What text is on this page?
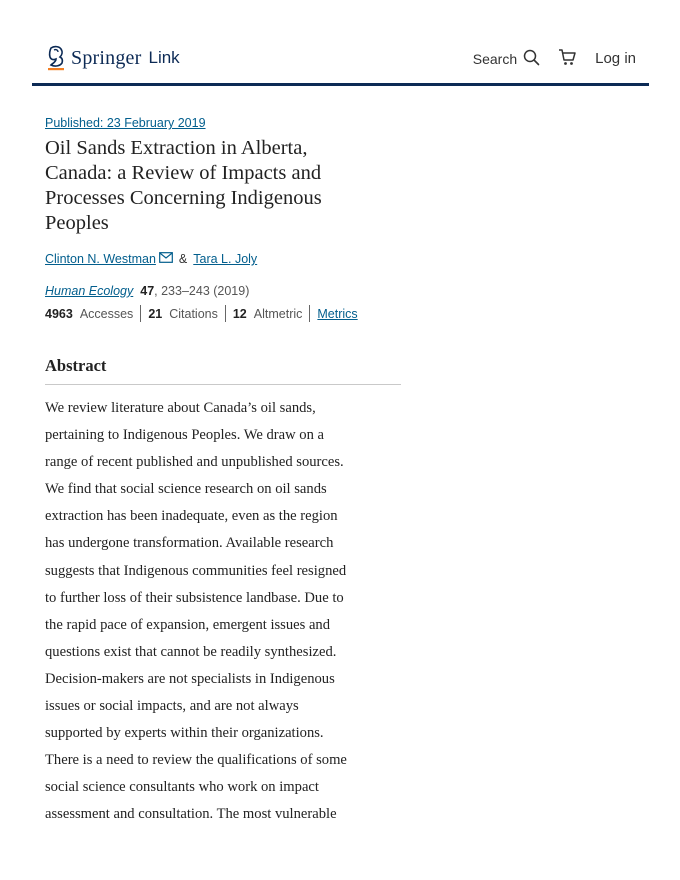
Springer Link	Search	Log in
Published: 23 February 2019
Oil Sands Extraction in Alberta, Canada: a Review of Impacts and Processes Concerning Indigenous Peoples
Clinton N. Westman & Tara L. Joly
Human Ecology 47, 233–243 (2019)
4963 Accesses 21 Citations 12 Altmetric Metrics
Abstract

We review literature about Canada’s oil sands,
pertaining to Indigenous Peoples. We draw on a
range of recent published and unpublished sources.
We find that social science research on oil sands
extraction has been inadequate, even as the region
has undergone transformation. Available research
suggests that Indigenous communities feel resigned
to further loss of their subsistence landbase. Due to
the rapid pace of expansion, emergent issues and
questions exist that cannot be readily synthesized.
Decision-makers are not specialists in Indigenous
issues or social impacts, and are not always
supported by experts within their organizations.
There is a need to review the qualifications of some
social science consultants who work on impact
assessment and consultation. The most vulnerable
